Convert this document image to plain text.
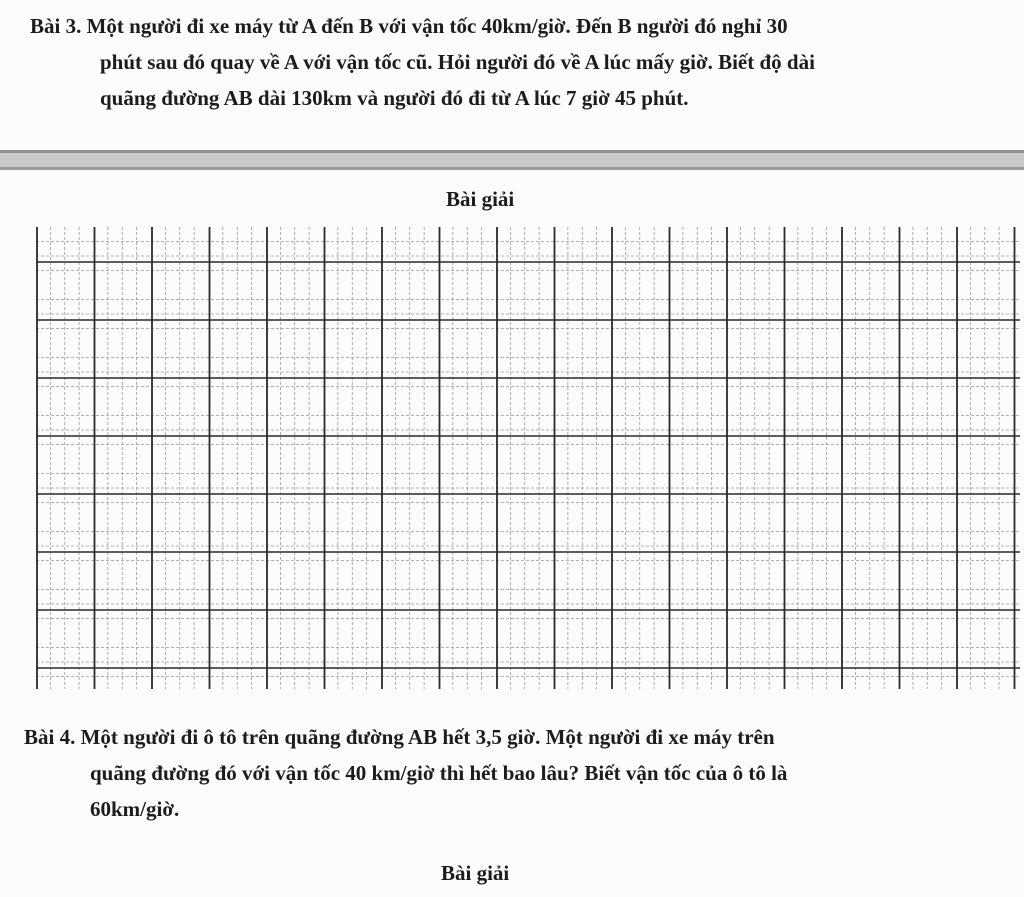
Bài 3. Một người đi xe máy từ A đến B với vận tốc 40km/giờ. Đến B người đó nghỉ 30
phút sau đó quay về A với vận tốc cũ. Hỏi người đó về A lúc mấy giờ. Biết độ dài
quãng đường AB dài 130km và người đó đi từ A lúc 7 giờ 45 phút.
Bài giải
Bài 4. Một người đi ô tô trên quãng đường AB hết 3,5 giờ. Một người đi xe máy trên
quãng đường đó với vận tốc 40 km/giờ thì hết bao lâu? Biết vận tốc của ô tô là
60km/giờ.
Bài giải
